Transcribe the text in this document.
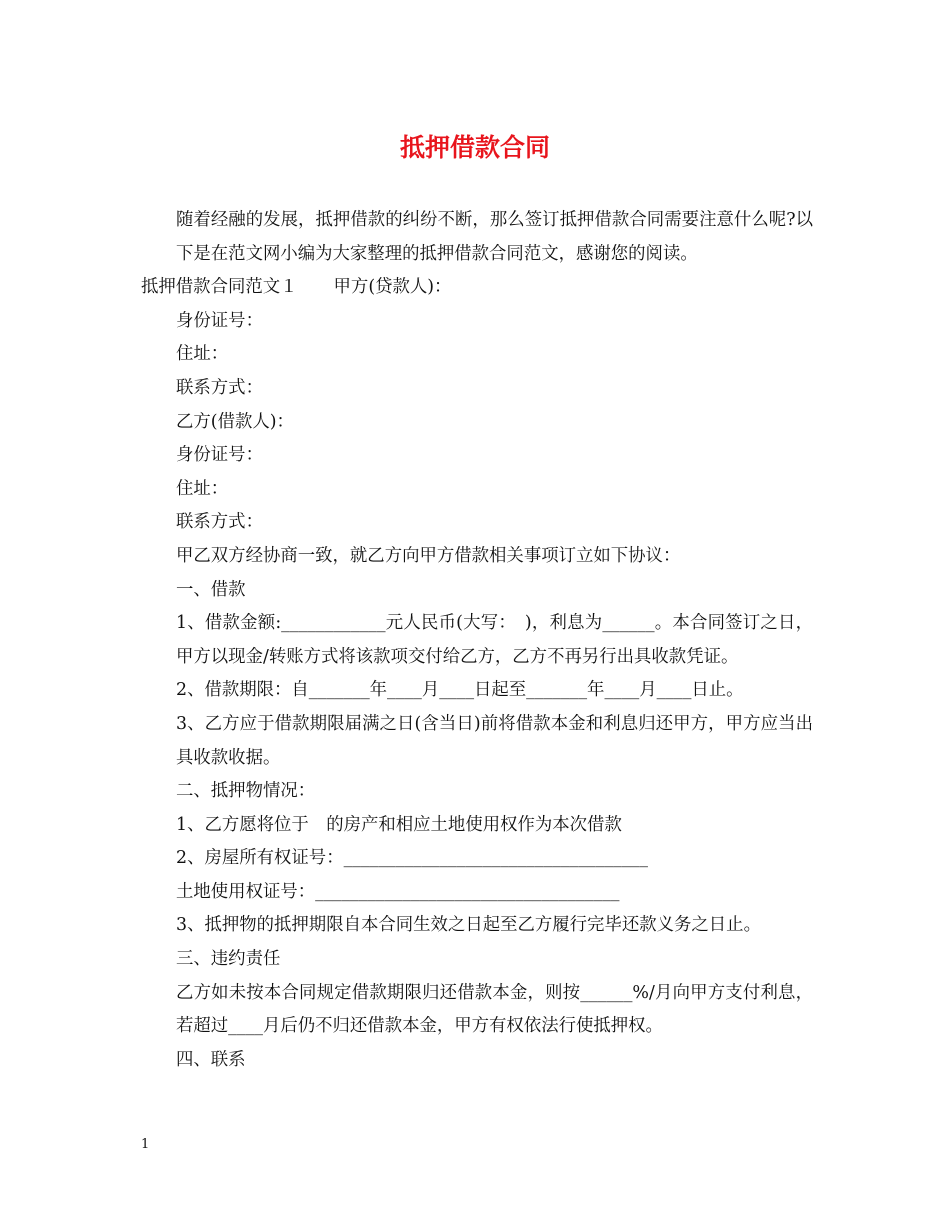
抵押借款合同

随着经融的发展，抵押借款的纠纷不断，那么签订抵押借款合同需要注意什么呢?以下是在范文网小编为大家整理的抵押借款合同范文，感谢您的阅读。

抵押借款合同范文１ 甲方(贷款人)：

身份证号：

住址：

联系方式：

乙方(借款人)：

身份证号：

住址：

联系方式：

甲乙双方经协商一致，就乙方向甲方借款相关事项订立如下协议：

一、借款

1、借款金额:____________元人民币(大写：　)，利息为______。本合同签订之日，甲方以现金/转账方式将该款项交付给乙方，乙方不再另行出具收款凭证。

2、借款期限：自_______年____月____日起至_______年____月____日止。

3、乙方应于借款期限届满之日(含当日)前将借款本金和利息归还甲方，甲方应当出具收款收据。

二、抵押物情况：

1、乙方愿将位于　的房产和相应土地使用权作为本次借款

2、房屋所有权证号：___________________________________

土地使用权证号：___________________________________

3、抵押物的抵押期限自本合同生效之日起至乙方履行完毕还款义务之日止。

三、违约责任

乙方如未按本合同规定借款期限归还借款本金，则按______%/月向甲方支付利息，若超过____月后仍不归还借款本金，甲方有权依法行使抵押权。

四、联系

1
